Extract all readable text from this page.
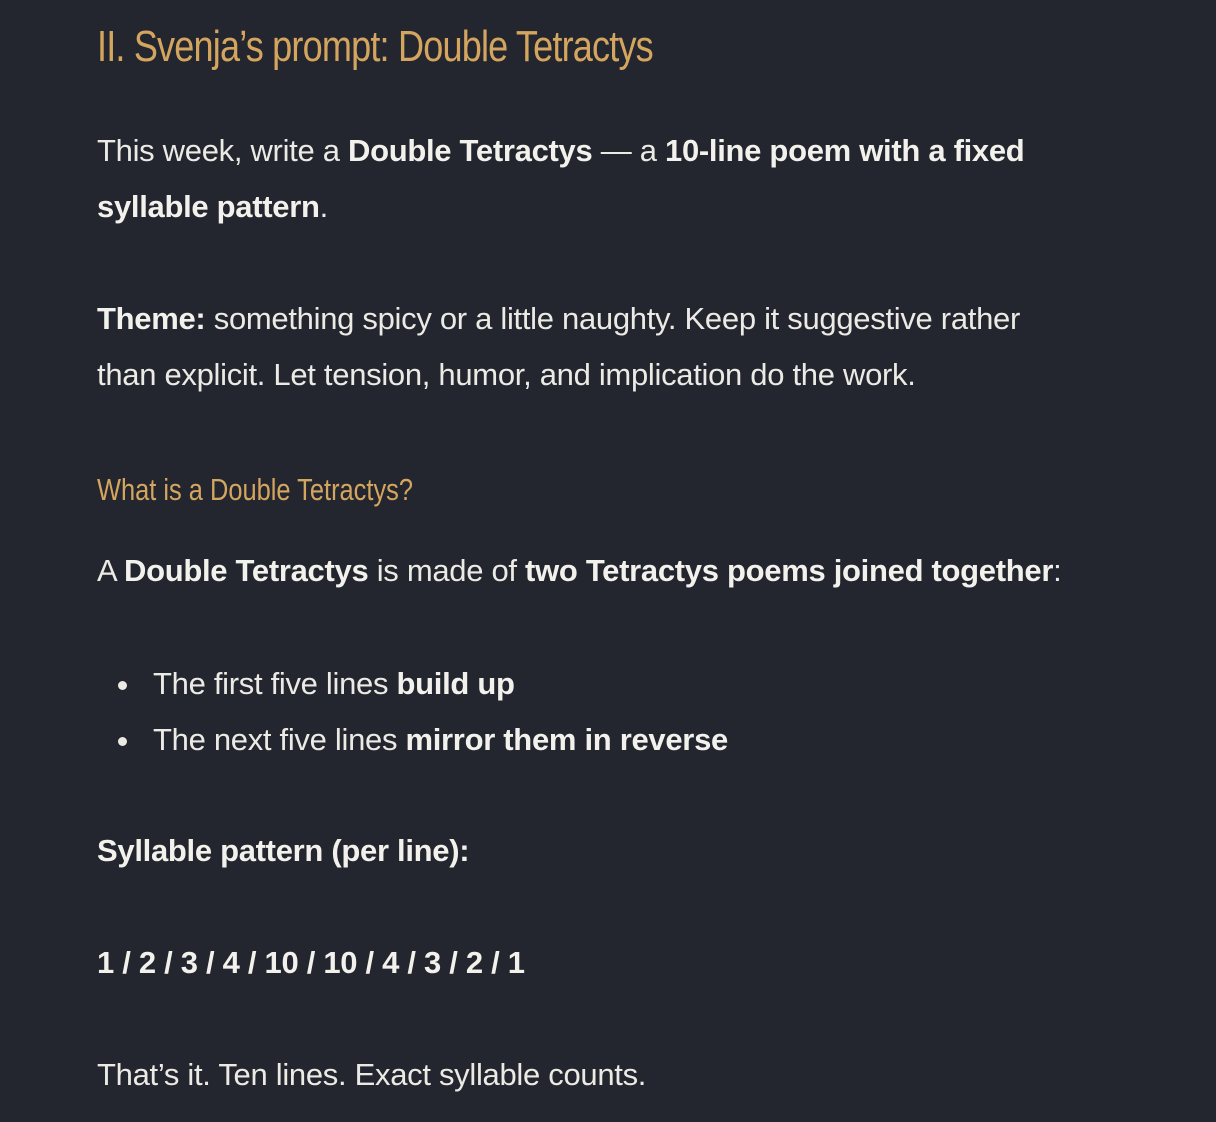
II. Svenja’s prompt: Double Tetractys

This week, write a Double Tetractys — a 10-line poem with a fixed
syllable pattern.

Theme: something spicy or a little naughty. Keep it suggestive rather
than explicit. Let tension, humor, and implication do the work.

What is a Double Tetractys?

A Double Tetractys is made of two Tetractys poems joined together:

The first five lines build up
The next five lines mirror them in reverse

Syllable pattern (per line):

1 / 2 / 3 / 4 / 10 / 10 / 4 / 3 / 2 / 1

That’s it. Ten lines. Exact syllable counts.
